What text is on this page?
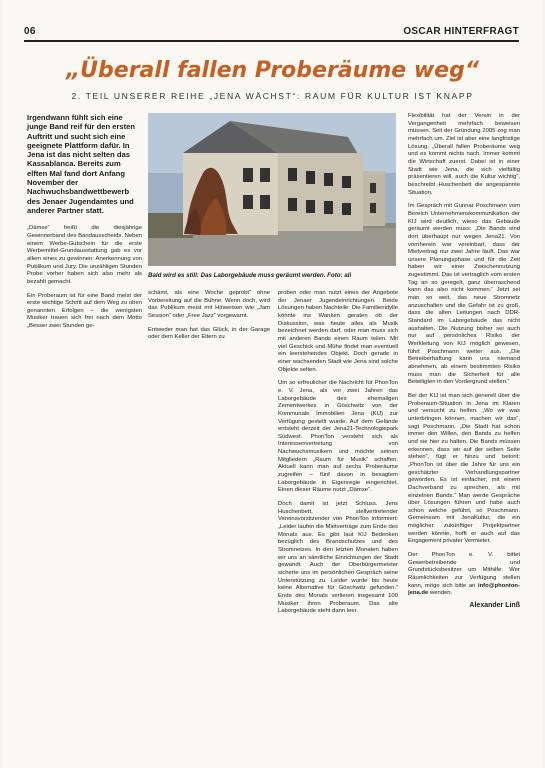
06	OSCAR HINTERFRAGT
„Überall fallen Proberäume weg“
2. TEIL UNSERER REIHE „JENA WÄCHST“: RAUM FÜR KULTUR IST KNAPP

Irgendwann fühlt sich eine junge Band reif für den ersten Auftritt und sucht sich eine geeignete Plattform dafür. In Jena ist das nicht selten das Kassablanca. Bereits zum elften Mal fand dort Anfang November der Nachwuchsbandwettbewerb des Jenaer Jugendamtes und anderer Partner statt.

„Dämse“ heißt die diesjährige Gewinnerband des Bandausscheids. Neben einem Werbe-Gutschein für die erste Werbemittel-Grundausstattung gab es vor allem eines zu gewinnen: Anerkennung von Publikum und Jury. Die unzähligen Stunden Probe vorher haben sich also mehr als bezahlt gemacht.

Ein Proberaum ist für eine Band meist der erste wichtige Schritt auf dem Weg zu oben genannten Erfolgen – die wenigsten Musiker trauen sich frei nach dem Motto „Besser zwei Stunden ge-

Bald wird es still: Das Laborgebäude muss geräumt werden. Foto: ali

schämt, als eine Woche geprobt“ ohne Vorbereitung auf die Bühne. Wenn doch, wird das Publikum meist mit Hinweisen wie „Jam Session“ oder „Free Jazz“ vorgewarnt.

Entweder man hat das Glück, in der Garage oder dem Keller der Eltern zu

proben oder man nutzt eines der Angebote der Jenaer Jugendeinrichtungen. Beide Lösungen haben Nachteile: Die Familienidylle könnte ins Wanken geraten ob der Diskussion, was heute alles als Musik bezeichnet werden darf, oder man muss sich mit anderen Bands einen Raum teilen. Mit viel Geschick und Mühe findet man eventuell ein leerstehendes Objekt. Doch gerade in einer wachsenden Stadt wie Jena sind solche Objekte selten.

Um so erfreulicher die Nachricht für PhonTon e. V. Jena, als vor zwei Jahren das Laborgebäude des ehemaligen Zementwerkes in Göschwitz von der Kommunale Immobilien Jena (KIJ) zur Verfügung gestellt wurde. Auf dem Gelände entsteht derzeit der Jena21-Technologiepark Südwest. PhonTon versteht sich als Interessenvertretung von Nachwuchsmusikern und möchte seinen Mitgliedern „Raum für Musik“ schaffen. Aktuell kann man auf sechs Proberäume zugreifen – fünf davon in besagtem Laborgebäude in Eigenregie eingerichtet. Einen dieser Räume nutzt „Dämse“.

Doch damit ist jetzt Schluss. Jens Huschenbett, stellvertretender Vereinsvorsitzender von PhonTon informiert: „Leider laufen die Mietverträge zum Ende des Monats aus. Es gibt laut KIJ Bedenken bezüglich des Brandschutzes und des Stromnetzes. In den letzten Monaten haben wir uns an sämtliche Einrichtungen der Stadt gewandt. Auch der Oberbürgermeister sicherte uns im persönlichen Gespräch seine Unterstützung zu. Leider wurde bis heute keine Alternative für Göschwitz gefunden.“ Ende des Monats verlieren insgesamt 100 Musiker ihren Proberaum. Das alte Laborgebäude steht dann leer.

Flexibilität hat der Verein in der Vergangenheit mehrfach beweisen müssen. Seit der Gründung 2005 zog man mehrfach um. Ziel ist aber eine langfristige Lösung. „Überall fallen Proberäume weg und es kommt nichts nach. Immer kommt die Wirtschaft zuerst. Dabei ist in einer Stadt wie Jena, die sich vielfältig präsentieren will, auch die Kultur wichtig“, beschreibt Huschenbett die angespannte Situation.

Im Gespräch mit Gunnar Poschmann vom Bereich Unternehmenskommunikation der KIJ wird deutlich, wieso das Gebäude geräumt werden muss: „Die Bands sind dort überhaupt nur wegen Jena21. Von vornherein war vereinbart, dass der Mietvertrag nur zwei Jahre läuft. Das war unsere Planungsphase und für die Zeit haben wir einer Zwischennutzung zugestimmt. Das ist vertraglich vom ersten Tag an so geregelt, ganz überraschend kann das also nicht kommen.“ Jetzt sei man so weit, das neue Stromnetz anzuschalten und die Gefahr ist zu groß, dass die alten Leitungen nach DDR-Standard im Laborgebäude das nicht aushalten. Die Nutzung bisher sei auch nur auf persönliches Risiko der Werkleitung von KIJ möglich gewesen, führt Poschmann weiter aus. „Die Betreiberhaftung kann uns niemand abnehmen, ab einem bestimmten Risiko muss man die Sicherheit für alle Beteiligten in den Vordergrund stellen.“

Bei der KIJ ist man sich generell über die Proberaum-Situation in Jena im Klaren und versucht zu helfen. „Wo wir was unterbringen können, machen wir das“, sagt Poschmann. „Die Stadt hat schon immer den Willen, den Bands zu helfen und sie hier zu halten. Die Bands müssen erkennen, dass wir auf der selben Seite stehen“, fügt er hinzu und betont: „PhonTon ist über die Jahre für uns ein geschätzter Verhandlungspartner geworden. Es ist einfacher, mit einem Dachverband zu sprechen, als mit einzelnen Bands.“ Man werde Gespräche über Lösungen führen und habe auch schon welche geführt, so Poschmann. Gemeinsam mit JenaKultur, die ein möglicher zukünftiger Projektpartner werden könnte, hofft er auch auf das Engagement privater Vermieter.

Der PhonTon e. V. bittet Gewerbetreibende und Grundstücksbesitzer um Mithilfe: Wer Räumlichkeiten zur Verfügung stellen kann, möge sich bitte an info@phonton-jena.de wenden.
Alexander Linß
